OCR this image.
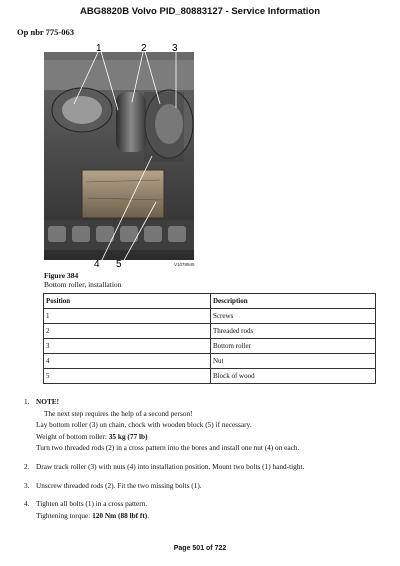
ABG8820B Volvo PID_80883127 - Service Information
Op nbr 775-063
1	2	3
4 5	V1078945
Figure 384
Bottom roller, installation
Position	Description
1	Screws
2	Threaded rods
3	Bottom roller
4	Nut
5	Block of wood
1. NOTE!
The next step requires the help of a second person!
Lay bottom roller (3) on chain, chock with wooden block (5) if necessary.
Weight of bottom roller: 35 kg (77 lb)
Turn two threaded rods (2) in a cross pattern into the bores and install one nut (4) on each.
2. Draw track roller (3) with nuts (4) into installation position. Mount two bolts (1) hand-tight.
3. Unscrew threaded rods (2). Fit the two missing bolts (1).
4. Tighten all bolts (1) in a cross pattern.
Tightening torque: 120 Nm (88 lbf ft).
Page 501 of 722
